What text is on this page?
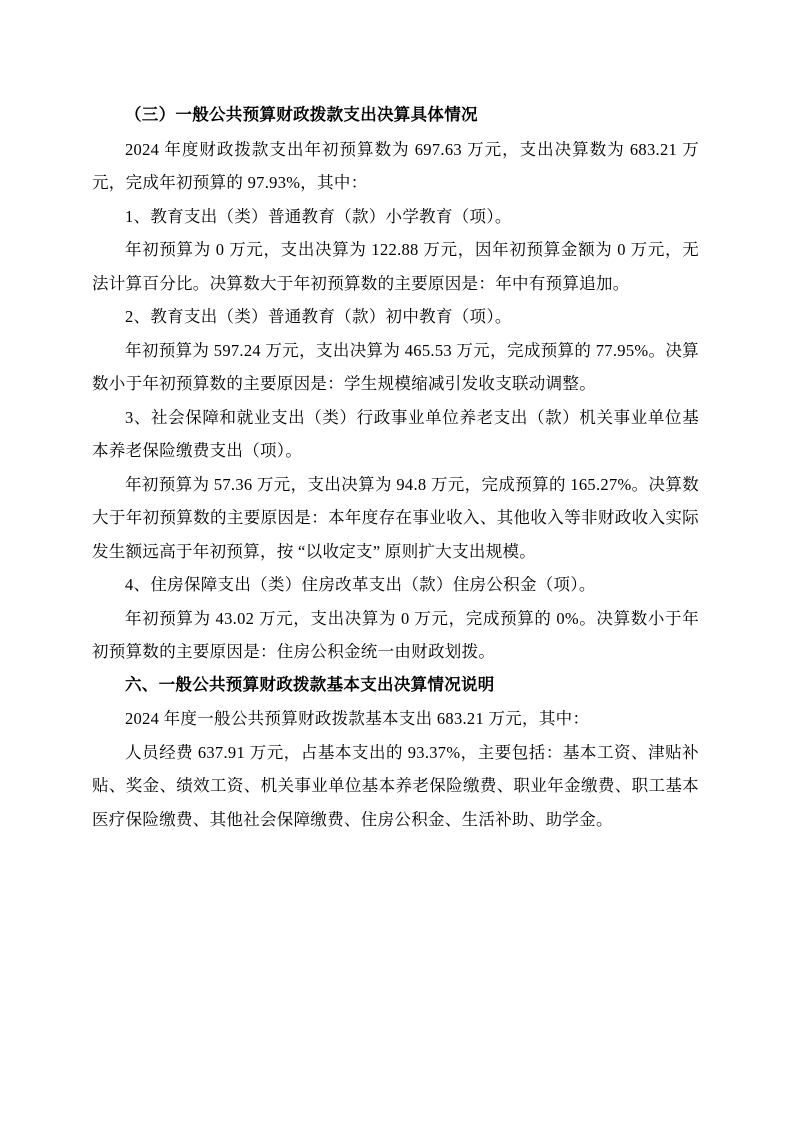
（三）一般公共预算财政拨款支出决算具体情况

2024 年度财政拨款支出年初预算数为 697.63 万元，支出决算数为 683.21 万元，完成年初预算的 97.93%，其中：

1、教育支出（类）普通教育（款）小学教育（项）。

年初预算为 0 万元，支出决算为 122.88 万元，因年初预算金额为 0 万元，无法计算百分比。决算数大于年初预算数的主要原因是：年中有预算追加。

2、教育支出（类）普通教育（款）初中教育（项）。

年初预算为 597.24 万元，支出决算为 465.53 万元，完成预算的 77.95%。决算数小于年初预算数的主要原因是：学生规模缩减引发收支联动调整。

3、社会保障和就业支出（类）行政事业单位养老支出（款）机关事业单位基本养老保险缴费支出（项）。

年初预算为 57.36 万元，支出决算为 94.8 万元，完成预算的 165.27%。决算数大于年初预算数的主要原因是：本年度存在事业收入、其他收入等非财政收入实际发生额远高于年初预算，按 “以收定支” 原则扩大支出规模。

4、住房保障支出（类）住房改革支出（款）住房公积金（项）。

年初预算为 43.02 万元，支出决算为 0 万元，完成预算的 0%。决算数小于年初预算数的主要原因是：住房公积金统一由财政划拨。

六、一般公共预算财政拨款基本支出决算情况说明

2024 年度一般公共预算财政拨款基本支出 683.21 万元，其中：

人员经费 637.91 万元，占基本支出的 93.37%，主要包括：基本工资、津贴补贴、奖金、绩效工资、机关事业单位基本养老保险缴费、职业年金缴费、职工基本医疗保险缴费、其他社会保障缴费、住房公积金、生活补助、助学金。
